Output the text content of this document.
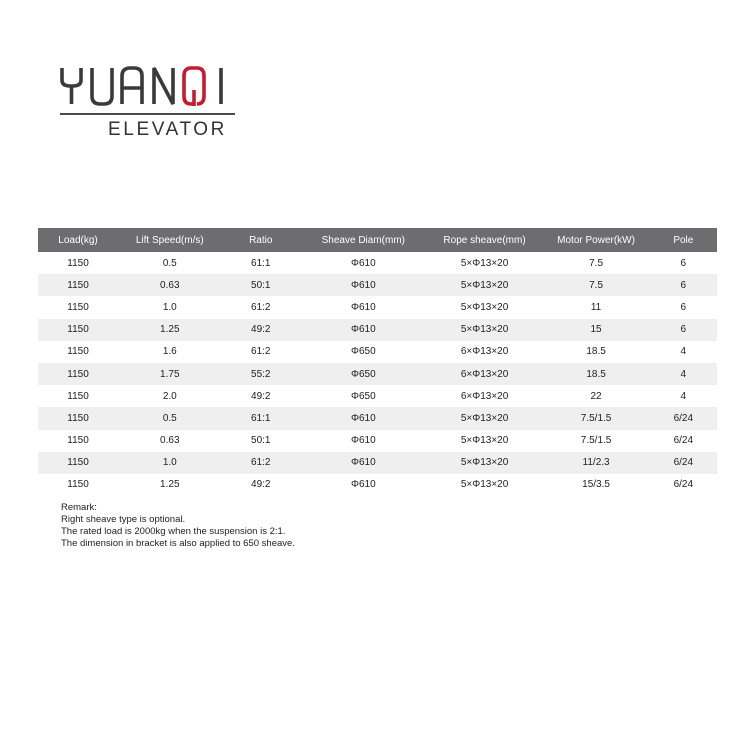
ELEVATOR
Load(kg)	Lift Speed(m/s)	Ratio	Sheave Diam(mm)	Rope sheave(mm)	Motor Power(kW)	Pole
1150	0.5	61:1	Φ610	5×Φ13×20	7.5	6
1150	0.63	50:1	Φ610	5×Φ13×20	7.5	6
1150	1.0	61:2	Φ610	5×Φ13×20	11	6
1150	1.25	49:2	Φ610	5×Φ13×20	15	6
1150	1.6	61:2	Φ650	6×Φ13×20	18.5	4
1150	1.75	55:2	Φ650	6×Φ13×20	18.5	4
1150	2.0	49:2	Φ650	6×Φ13×20	22	4
1150	0.5	61:1	Φ610	5×Φ13×20	7.5/1.5	6/24
1150	0.63	50:1	Φ610	5×Φ13×20	7.5/1.5	6/24
1150	1.0	61:2	Φ610	5×Φ13×20	11/2.3	6/24
1150	1.25	49:2	Φ610	5×Φ13×20	15/3.5	6/24
Remark:
Right sheave type is optional.
The rated load is 2000kg when the suspension is 2:1.
The dimension in bracket is also applied to 650 sheave.
